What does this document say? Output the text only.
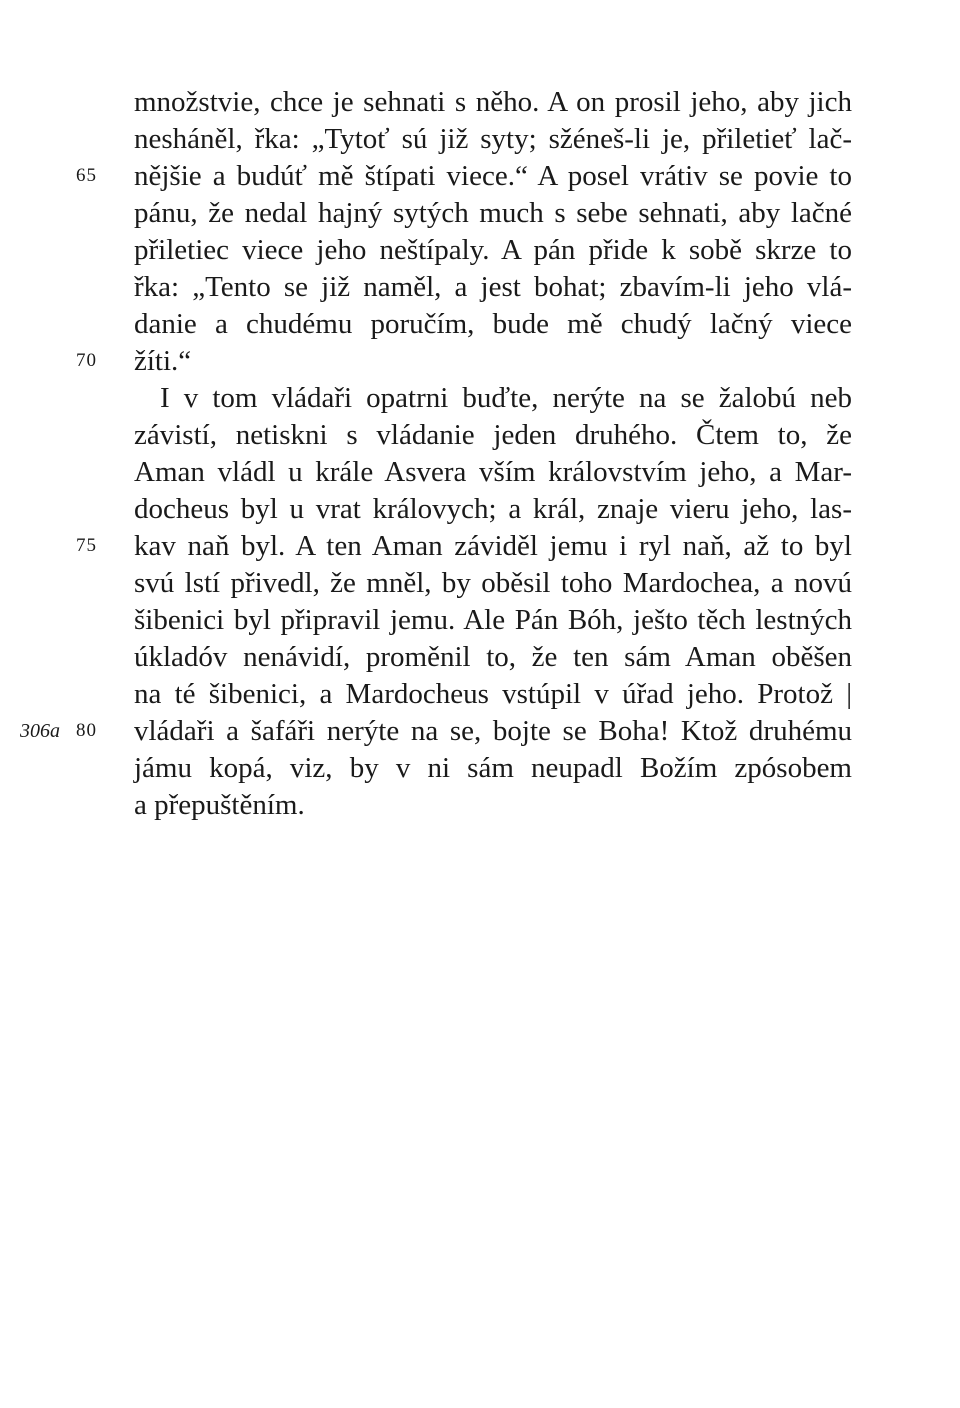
množstvie, chce je sehnati s něho. A on prosil jeho, aby jich
nesháněl, řka: „Tytoť sú již syty; sžéneš-li je, přiletieť lač-
65	nějšie a budúť mě štípati viece.“ A posel vrátiv se povie to
pánu, že nedal hajný sytých much s sebe sehnati, aby lačné
přiletiec viece jeho neštípaly. A pán přide k sobě skrze to
řka: „Tento se již naměl, a jest bohat; zbavím-li jeho vlá-
danie a chudému poručím, bude mě chudý lačný viece
70	žíti.“
I v tom vládaři opatrni buďte, nerýte na se žalobú neb
závistí, netiskni s vládanie jeden druhého. Čtem to, že
Aman vládl u krále Asvera vším královstvím jeho, a Mar-
docheus byl u vrat královych; a král, znaje vieru jeho, las-
75	kav naň byl. A ten Aman záviděl jemu i ryl naň, až to byl
svú lstí přivedl, že mněl, by oběsil toho Mardochea, a novú
šibenici byl připravil jemu. Ale Pán Bóh, ješto těch lestných
úkladóv nenávidí, proměnil to, že ten sám Aman oběšen
na té šibenici, a Mardocheus vstúpil v úřad jeho. Protož |
306a 80	vládaři a šafáři nerýte na se, bojte se Boha! Ktož druhému
jámu kopá, viz, by v ni sám neupadl Božím zpósobem
a přepuštěním.
